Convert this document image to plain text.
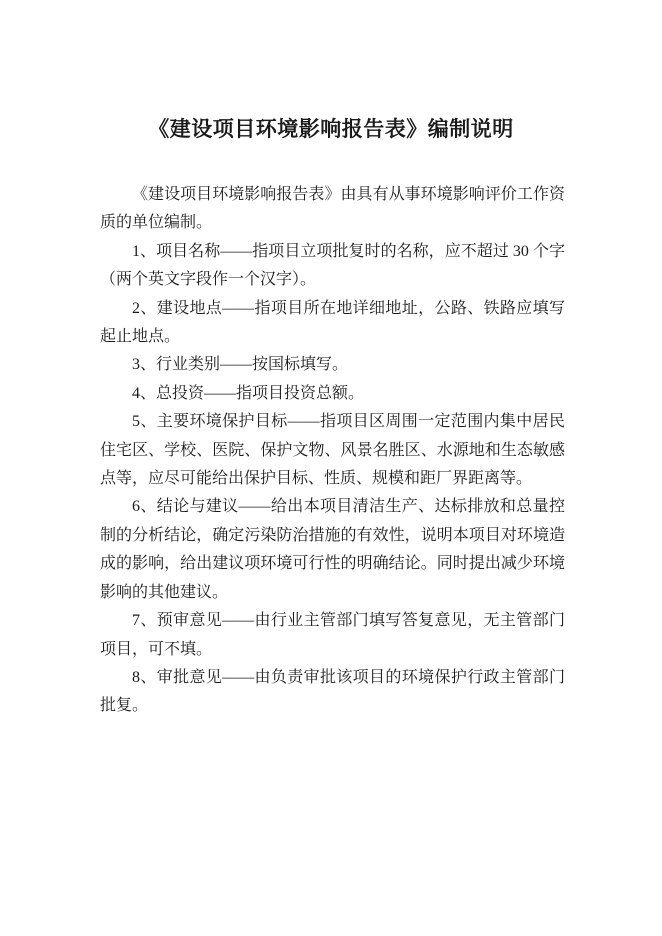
《建设项目环境影响报告表》编制说明

《建设项目环境影响报告表》由具有从事环境影响评价工作资质的单位编制。

1、项目名称——指项目立项批复时的名称，应不超过 30 个字（两个英文字段作一个汉字）。

2、建设地点——指项目所在地详细地址，公路、铁路应填写起止地点。

3、行业类别——按国标填写。

4、总投资——指项目投资总额。

5、主要环境保护目标——指项目区周围一定范围内集中居民住宅区、学校、医院、保护文物、风景名胜区、水源地和生态敏感点等，应尽可能给出保护目标、性质、规模和距厂界距离等。

6、结论与建议——给出本项目清洁生产、达标排放和总量控制的分析结论，确定污染防治措施的有效性，说明本项目对环境造成的影响，给出建议项环境可行性的明确结论。同时提出减少环境影响的其他建议。

7、预审意见——由行业主管部门填写答复意见，无主管部门项目，可不填。

8、审批意见——由负责审批该项目的环境保护行政主管部门批复。
